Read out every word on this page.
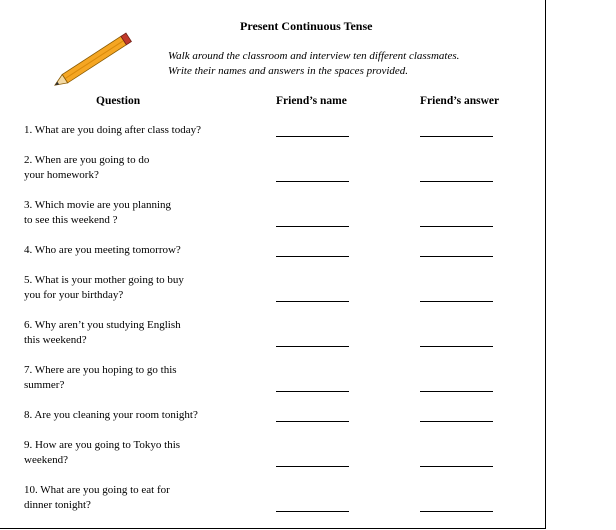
Present Continuous Tense
Walk around the classroom and interview ten different classmates.
Write their names and answers in the spaces provided.
Question	Friend’s name	Friend’s answer
1. What are you doing after class today?
2. When are you going to do
your homework?
3. Which movie are you planning
to see this weekend ?
4. Who are you meeting tomorrow?
5. What is your mother going to buy
you for your birthday?
6. Why aren’t you studying English
this weekend?
7. Where are you hoping to go this
summer?
8. Are you cleaning your room tonight?
9. How are you going to Tokyo this
weekend?
10. What are you going to eat for
dinner tonight?
